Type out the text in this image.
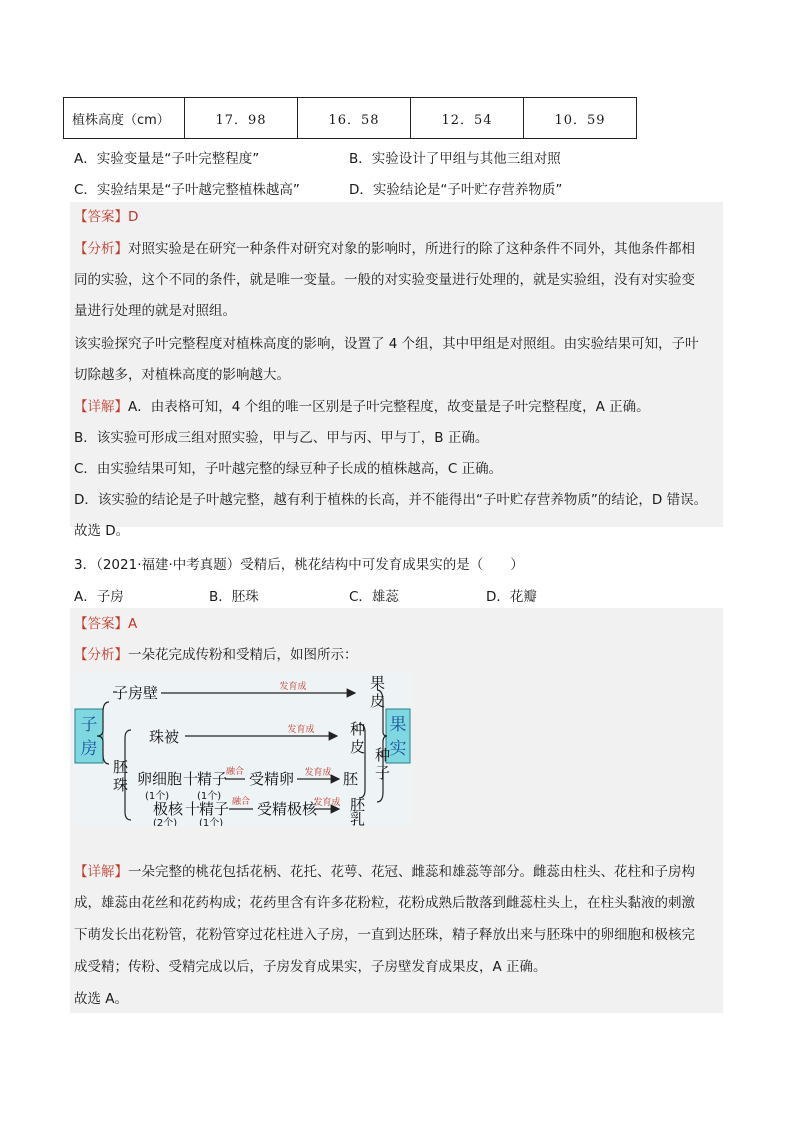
植株高度（cm）	17．98	16．58	12．54	10．59
A．实验变量是“子叶完整程度”	B．实验设计了甲组与其他三组对照
C．实验结果是“子叶越完整植株越高”	D．实验结论是“子叶贮存营养物质”
【答案】D
【分析】对照实验是在研究一种条件对研究对象的影响时，所进行的除了这种条件不同外，其他条件都相
同的实验，这个不同的条件，就是唯一变量。一般的对实验变量进行处理的，就是实验组，没有对实验变
量进行处理的就是对照组。
该实验探究子叶完整程度对植株高度的影响，设置了 4 个组，其中甲组是对照组。由实验结果可知，子叶
切除越多，对植株高度的影响越大。
【详解】A．由表格可知，4 个组的唯一区别是子叶完整程度，故变量是子叶完整程度，A 正确。
B．该实验可形成三组对照实验，甲与乙、甲与丙、甲与丁，B 正确。
C．由实验结果可知，子叶越完整的绿豆种子长成的植株越高，C 正确。
D．该实验的结论是子叶越完整，越有利于植株的长高，并不能得出“子叶贮存营养物质”的结论，D 错误。
故选 D。
3．（2021·福建·中考真题）受精后，桃花结构中可发育成果实的是（　　）
A．子房	B．胚珠	C．雄蕊	D．花瓣
【答案】A
【分析】一朵花完成传粉和受精后，如图所示：
子房
果实
子房壁	发育成	果皮
珠被	发育成 种皮
胚珠 卵细胞 十
精子
(1个)	(1个)
融合 受精卵 发育成 胚
极核 十
精子
(2个) (1个)
融合 受精极核
发育成 胚乳
种子
【详解】一朵完整的桃花包括花柄、花托、花萼、花冠、雌蕊和雄蕊等部分。雌蕊由柱头、花柱和子房构
成，雄蕊由花丝和花药构成；花药里含有许多花粉粒，花粉成熟后散落到雌蕊柱头上，在柱头黏液的刺激
下萌发长出花粉管，花粉管穿过花柱进入子房，一直到达胚珠，精子释放出来与胚珠中的卵细胞和极核完
成受精；传粉、受精完成以后，子房发育成果实，子房壁发育成果皮，A 正确。
故选 A。
